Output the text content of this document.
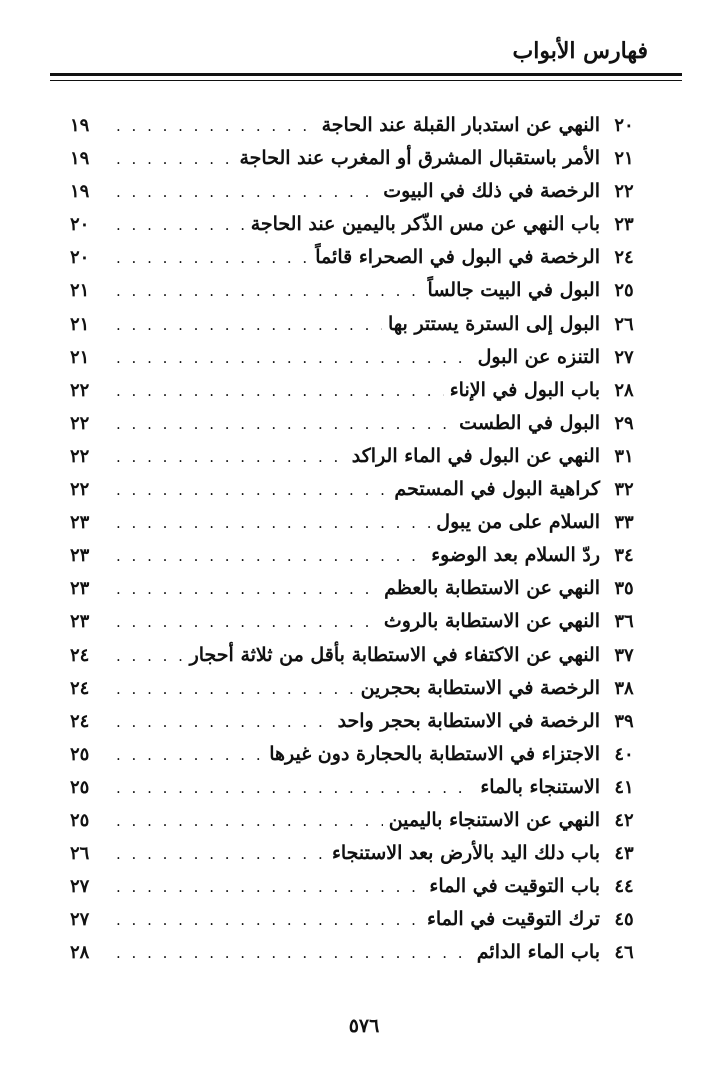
فهارس الأبواب
٢٠
النهي عن استدبار القبلة عند الحاجة
. . .
١٩
٢١
الأمر باستقبال المشرق أو المغرب عند الحاجة
. . .
١٩
٢٢
الرخصة في ذلك في البيوت
. . .
١٩
٢٣
باب النهي عن مس الذّكر باليمين عند الحاجة
. . .
٢٠
٢٤
الرخصة في البول في الصحراء قائماً
. . .
٢٠
٢٥
البول في البيت جالساً
. . .
٢١
٢٦
البول إلى السترة يستتر بها
. . .
٢١
٢٧
التنزه عن البول
. . .
٢١
٢٨
باب البول في الإناء
. . .
٢٢
٢٩
البول في الطست
. . .
٢٢
٣١
النهي عن البول في الماء الراكد
. . .
٢٢
٣٢
كراهية البول في المستحم
. . .
٢٢
٣٣
السلام على من يبول
. . .
٢٣
٣٤
ردّ السلام بعد الوضوء
. . .
٢٣
٣٥
النهي عن الاستطابة بالعظم
. . .
٢٣
٣٦
النهي عن الاستطابة بالروث
. . .
٢٣
٣٧
النهي عن الاكتفاء في الاستطابة بأقل من ثلاثة أحجار
. . .
٢٤
٣٨
الرخصة في الاستطابة بحجرين
. . .
٢٤
٣٩
الرخصة في الاستطابة بحجر واحد
. . .
٢٤
٤٠
الاجتزاء في الاستطابة بالحجارة دون غيرها
. . .
٢٥
٤١
الاستنجاء بالماء
. . .
٢٥
٤٢
النهي عن الاستنجاء باليمين
. . .
٢٥
٤٣
باب دلك اليد بالأرض بعد الاستنجاء
. . .
٢٦
٤٤
باب التوقيت في الماء
. . .
٢٧
٤٥
ترك التوقيت في الماء
. . .
٢٧
٤٦
باب الماء الدائم
. . .
٢٨
٥٧٦
